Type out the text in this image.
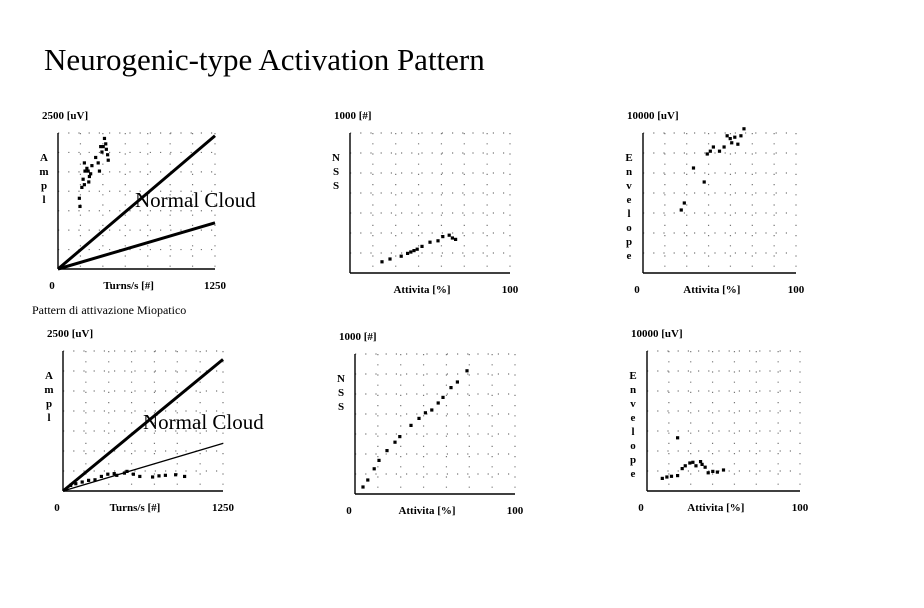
Neurogenic-type Activation Pattern
Pattern di attivazione Miopatico
2500 [uV]
A m p l
0	Turns/s [#]	1250
Normal Cloud
1000 [#]
N S S
Attivita [%]	100
10000 [uV]
E n v e l o p e
0	Attivita [%]	100
2500 [uV]
A m p l
0	Turns/s [#]	1250
Normal Cloud
1000 [#]
N S S
0	Attivita [%]	100
10000 [uV]
E n v e l o p e
0	Attivita [%]	100
